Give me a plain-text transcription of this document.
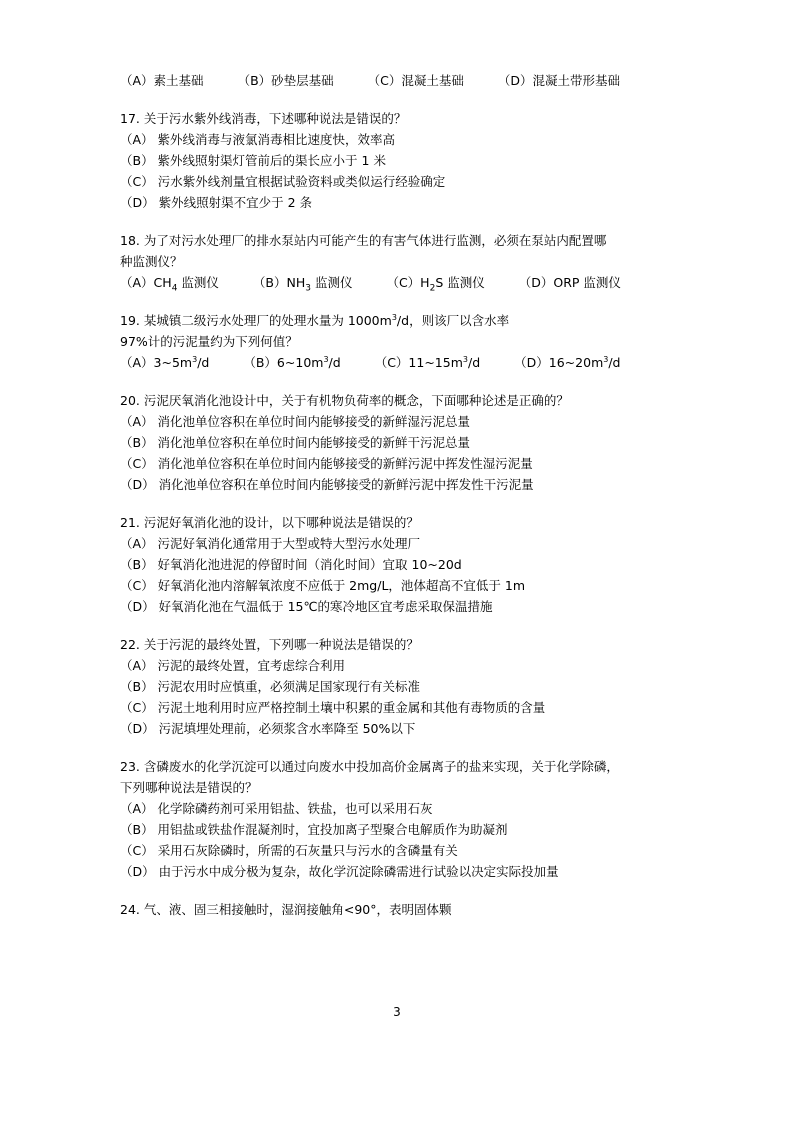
（A）素土基础	（B）砂垫层基础	（C）混凝土基础	（D）混凝土带形基础
17. 关于污水紫外线消毒，下述哪种说法是错误的？
（A） 紫外线消毒与液氯消毒相比速度快，效率高
（B） 紫外线照射渠灯管前后的渠长应小于 1 米
（C） 污水紫外线剂量宜根据试验资料或类似运行经验确定
（D） 紫外线照射渠不宜少于 2 条
18. 为了对污水处理厂的排水泵站内可能产生的有害气体进行监测，必须在泵站内配置哪
种监测仪？
$(A)CH_4$ 监测仪	$(B)NH_3$ 监测仪	$(C)H_2S$ 监测仪	（D）ORP 监测仪
19. 某城镇二级污水处理厂的处理水量为 $1000m^3/d$，则该厂以含水率
97%计的污泥量约为下列何值？
$(A)3\sim 5m^3/d$	$(B)6\sim 10m^3/d$	$(C)11\sim 15m^3/d$	$(D)16\sim 20m^3/d$
20. 污泥厌氧消化池设计中，关于有机物负荷率的概念，下面哪种论述是正确的？
（A） 消化池单位容积在单位时间内能够接受的新鲜湿污泥总量
（B） 消化池单位容积在单位时间内能够接受的新鲜干污泥总量
（C） 消化池单位容积在单位时间内能够接受的新鲜污泥中挥发性湿污泥量
（D） 消化池单位容积在单位时间内能够接受的新鲜污泥中挥发性干污泥量
21. 污泥好氧消化池的设计，以下哪种说法是错误的？
（A） 污泥好氧消化通常用于大型或特大型污水处理厂
（B） 好氧消化池进泥的停留时间（消化时间）宜取 10~20d
（C） 好氧消化池内溶解氧浓度不应低于 2mg/L，池体超高不宜低于 1m
（D） 好氧消化池在气温低于 15℃的寒冷地区宜考虑采取保温措施
22. 关于污泥的最终处置，下列哪一种说法是错误的？
（A） 污泥的最终处置，宜考虑综合利用
（B） 污泥农用时应慎重，必须满足国家现行有关标准
（C） 污泥土地利用时应严格控制土壤中积累的重金属和其他有毒物质的含量
（D） 污泥填埋处理前，必须浆含水率降至 50%以下
23. 含磷废水的化学沉淀可以通过向废水中投加高价金属离子的盐来实现，关于化学除磷，
下列哪种说法是错误的？
（A） 化学除磷药剂可采用铝盐、铁盐，也可以采用石灰
（B） 用铝盐或铁盐作混凝剂时，宜投加离子型聚合电解质作为助凝剂
（C） 采用石灰除磷时，所需的石灰量只与污水的含磷量有关
（D） 由于污水中成分极为复杂，故化学沉淀除磷需进行试验以决定实际投加量
24. 气、液、固三相接触时，湿润接触角<90°，表明固体颗
3
